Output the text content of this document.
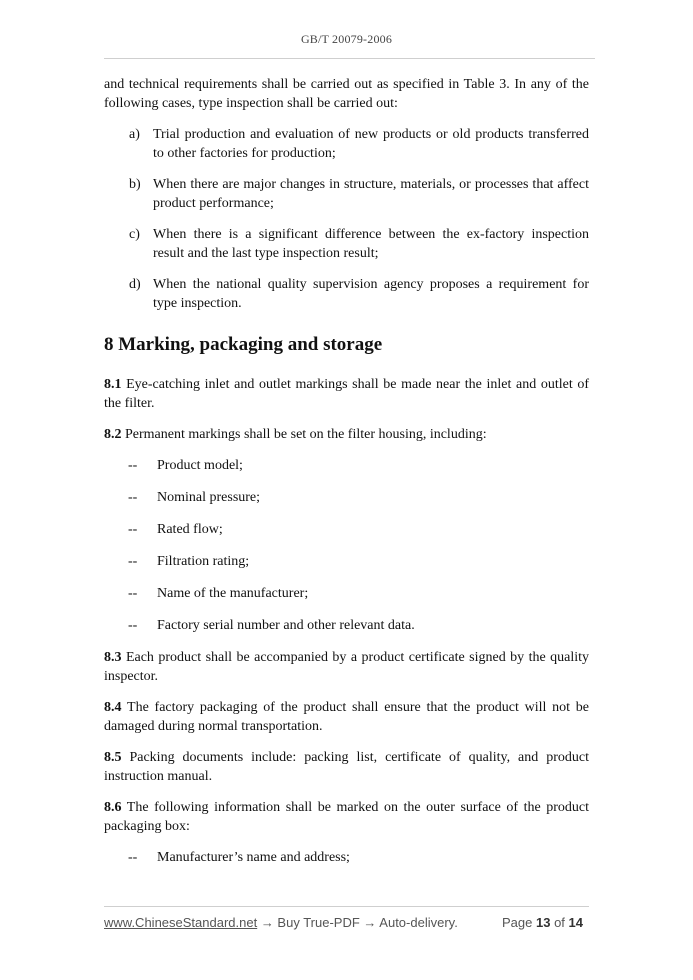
GB/T 20079-2006

and technical requirements shall be carried out as specified in Table 3. In any of the following cases, type inspection shall be carried out:

a) Trial production and evaluation of new products or old products transferred to other factories for production;
b) When there are major changes in structure, materials, or processes that affect product performance;
c) When there is a significant difference between the ex-factory inspection result and the last type inspection result;
d) When the national quality supervision agency proposes a requirement for type inspection.
8 Marking, packaging and storage

8.1 Eye-catching inlet and outlet markings shall be made near the inlet and outlet of the filter.

8.2 Permanent markings shall be set on the filter housing, including:

-- Product model;
-- Nominal pressure;
-- Rated flow;
-- Filtration rating;
-- Name of the manufacturer;
-- Factory serial number and other relevant data.

8.3 Each product shall be accompanied by a product certificate signed by the quality inspector.

8.4 The factory packaging of the product shall ensure that the product will not be damaged during normal transportation.

8.5 Packing documents include: packing list, certificate of quality, and product instruction manual.

8.6 The following information shall be marked on the outer surface of the product packaging box:

-- Manufacturer’s name and address;
www.ChineseStandard.net → Buy True-PDF → Auto-delivery.	Page 13 of 14
